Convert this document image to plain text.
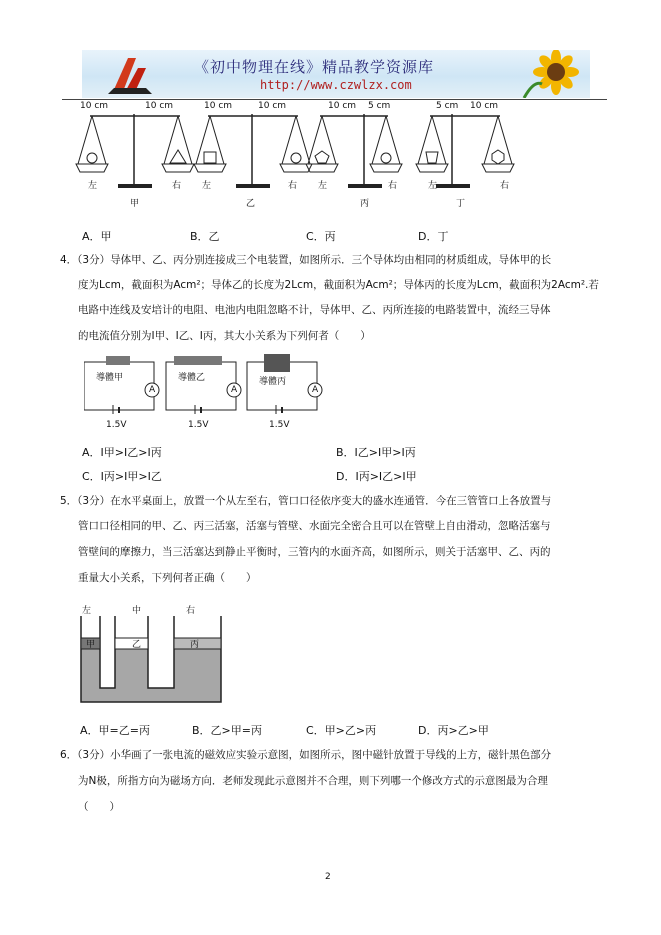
《初中物理在线》精品教学资源库
http://www.czwlzx.com
10 cm	10 cm	10 cm	10 cm	10 cm 5 cm	5 cm 10 cm
左	右
甲
左	右
乙
左	右
丙
左	右
丁
A．甲	B．乙	C．丙	D．丁
4．（3分）导体甲、乙、丙分别连接成三个电装置，如图所示．三个导体均由相同的材质组成，导体甲的长
度为Lcm，截面积为Acm²；导体乙的长度为2Lcm，截面积为Acm²；导体丙的长度为Lcm，截面积为2Acm².若
电路中连线及安培计的电阻、电池内电阻忽略不计，导体甲、乙、丙所连接的电路装置中，流经三导体
的电流值分别为I甲、I乙、I丙，其大小关系为下列何者（　　）
導體甲
A
1.5V
導體乙
A
1.5V
導體丙
A
1.5V
A．I甲>I乙>I丙	B．I乙>I甲>I丙
C．I丙>I甲>I乙	D．I丙>I乙>I甲
5．（3分）在水平桌面上，放置一个从左至右，管口口径依序变大的盛水连通管．今在三管管口上各放置与
管口口径相同的甲、乙、丙三活塞，活塞与管壁、水面完全密合且可以在管壁上自由滑动，忽略活塞与
管壁间的摩擦力，当三活塞达到静止平衡时，三管内的水面齐高，如图所示，则关于活塞甲、乙、丙的
重量大小关系，下列何者正确（　　）
左	中	右
甲	乙	丙
A．甲=乙=丙	B．乙>甲=丙	C．甲>乙>丙	D．丙>乙>甲
6．（3分）小华画了一张电流的磁效应实验示意图，如图所示，图中磁针放置于导线的上方，磁针黑色部分
为N极，所指方向为磁场方向．老师发现此示意图并不合理，则下列哪一个修改方式的示意图最为合理
（　　）
2
